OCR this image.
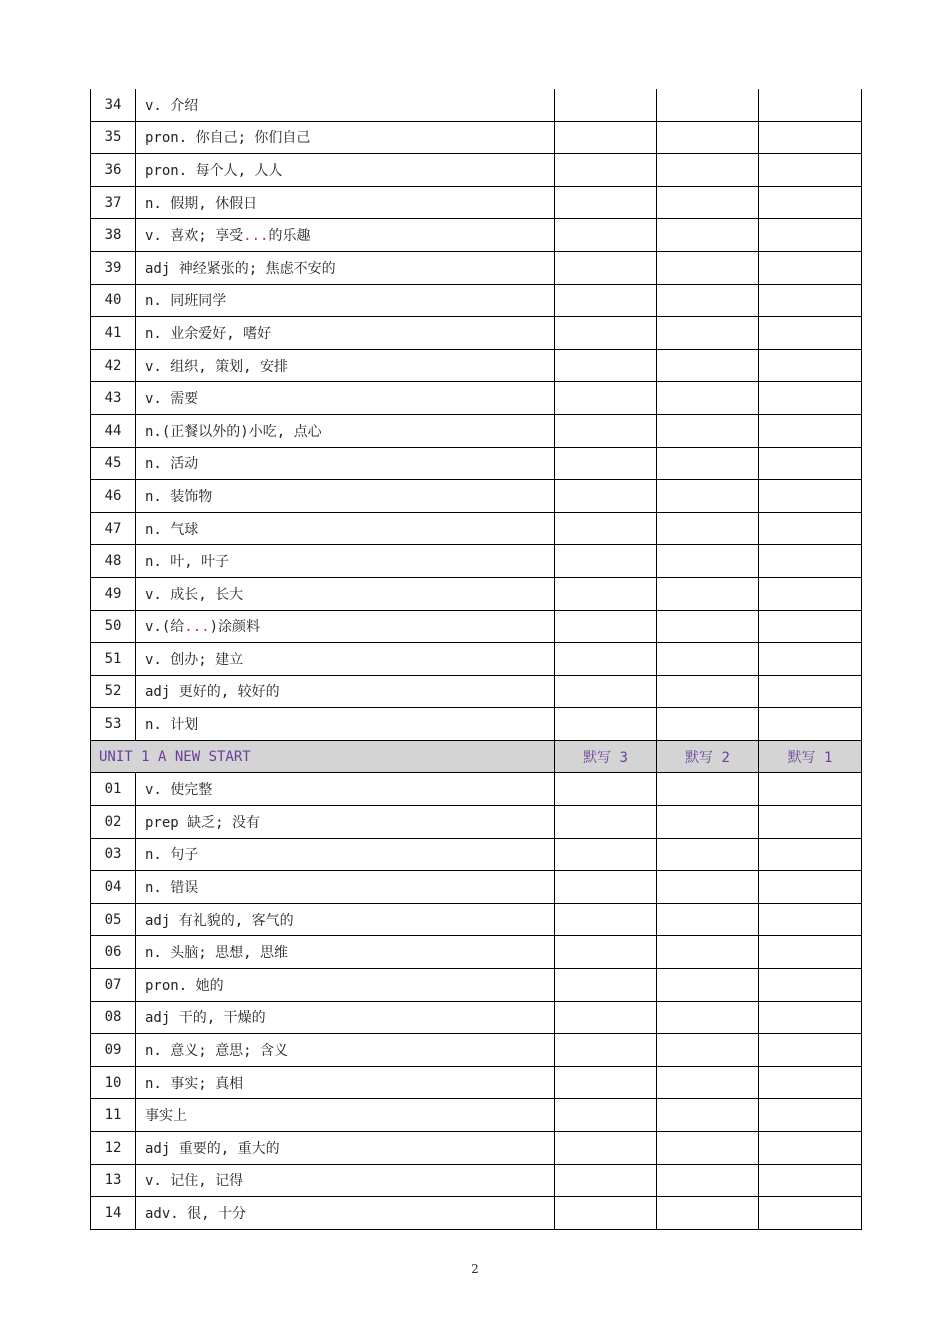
34	v. 介绍			
35	pron. 你自己; 你们自己			
36	pron. 每个人, 人人			
37	n. 假期, 休假日			
38	v. 喜欢; 享受...的乐趣			
39	adj 神经紧张的; 焦虑不安的			
40	n. 同班同学			
41	n. 业余爱好, 嗜好			
42	v. 组织, 策划, 安排			
43	v. 需要			
44	n.(正餐以外的)小吃, 点心			
45	n. 活动			
46	n. 装饰物			
47	n. 气球			
48	n. 叶, 叶子			
49	v. 成长, 长大			
50	v.(给...)涂颜料			
51	v. 创办; 建立			
52	adj 更好的, 较好的			
53	n. 计划			
UNIT 1 A NEW START		默写 3	默写 2	默写 1
01	v. 使完整			
02	prep 缺乏; 没有			
03	n. 句子			
04	n. 错误			
05	adj 有礼貌的, 客气的			
06	n. 头脑; 思想, 思维			
07	pron. 她的			
08	adj 干的, 干燥的			
09	n. 意义; 意思; 含义			
10	n. 事实; 真相			
11	事实上			
12	adj 重要的, 重大的			
13	v. 记住, 记得			
14	adv. 很, 十分			
2
